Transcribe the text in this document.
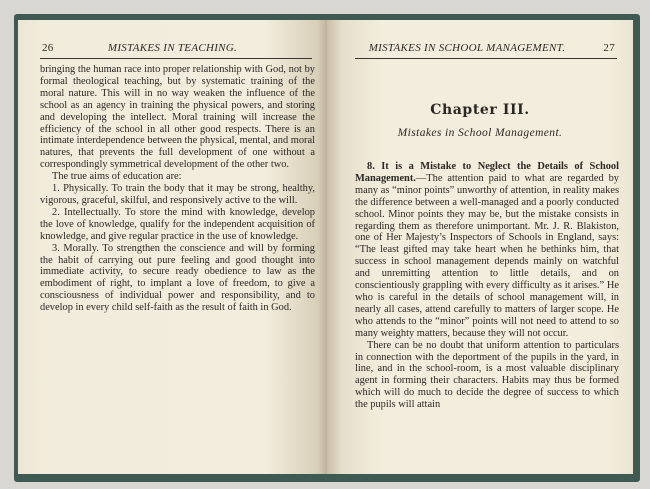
26	MISTAKES IN TEACHING.

bringing the human race into proper relationship with God, not by formal theological teaching, but by systematic training of the moral nature. This will in no way weaken the influence of the school as an agency in training the physical powers, and storing and developing the intellect. Moral training will increase the efficiency of the school in all other good respects. There is an intimate interdependence between the physical, mental, and moral natures, that prevents the full development of one without a correspondingly symmetrical development of the other two.

The true aims of education are:

1. Physically. To train the body that it may be strong, healthy, vigorous, graceful, skilful, and responsively active to the will.

2. Intellectually. To store the mind with knowledge, develop the love of knowledge, qualify for the independent acquisition of knowledge, and give regular practice in the use of knowledge.

3. Morally. To strengthen the conscience and will by forming the habit of carrying out pure feeling and good thought into immediate activity, to secure ready obedience to law as the embodiment of right, to implant a love of freedom, to give a consciousness of individual power and responsibility, and to develop in every child self-faith as the result of faith in God.

MISTAKES IN SCHOOL MANAGEMENT.	27
Chapter III.
Mistakes in School Management.

8. It is a Mistake to Neglect the Details of School Management.—The attention paid to what are regarded by many as “minor points” unworthy of attention, in reality makes the difference between a well-managed and a poorly conducted school. Minor points they may be, but the mistake consists in regarding them as therefore unimportant. Mr. J. R. Blakiston, one of Her Majesty’s Inspectors of Schools in England, says: “The least gifted may take heart when he bethinks him, that success in school management depends mainly on watchful and unremitting attention to little details, and on conscientiously grappling with every difficulty as it arises.” He who is careful in the details of school management will, in nearly all cases, attend carefully to matters of larger scope. He who attends to the “minor” points will not need to attend to so many weighty matters, because they will not occur.

There can be no doubt that uniform attention to particulars in connection with the deportment of the pupils in the yard, in line, and in the school-room, is a most valuable disciplinary agent in forming their characters. Habits may thus be formed which will do much to decide the degree of success to which the pupils will attain
